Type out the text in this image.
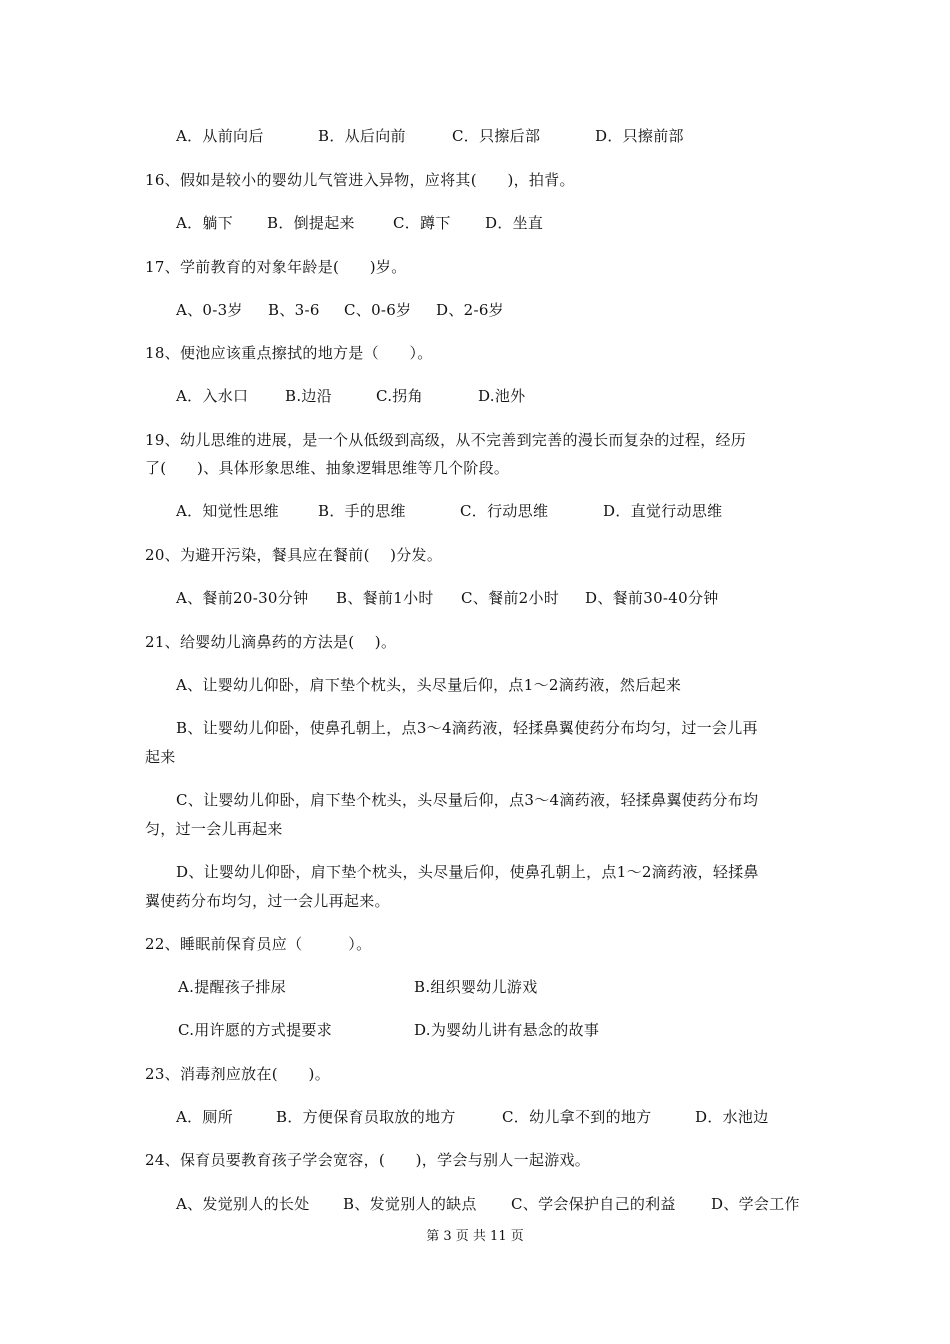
A．从前向后	B．从后向前	C．只擦后部	D．只擦前部
16、假如是较小的婴幼儿气管进入异物，应将其(　　)，拍背。
A．躺下 B．倒提起来	C．蹲下 D．坐直
17、学前教育的对象年龄是(　　)岁。
A、0-3岁 B、3-6 C、0-6岁 D、2-6岁
18、便池应该重点擦拭的地方是（　　）。
A．入水口 B.边沿	C.拐角	D.池外
19、幼儿思维的进展，是一个从低级到高级，从不完善到完善的漫长而复杂的过程，经历
了(　　)、具体形象思维、抽象逻辑思维等几个阶段。
A．知觉性思维	B．手的思维	C．行动思维	D．直觉行动思维
20、为避开污染，餐具应在餐前(　 )分发。
A、餐前20-30分钟 B、餐前1小时 C、餐前2小时 D、餐前30-40分钟
21、给婴幼儿滴鼻药的方法是(　 )。
A、让婴幼儿仰卧，肩下垫个枕头，头尽量后仰，点1～2滴药液，然后起来
B、让婴幼儿仰卧，使鼻孔朝上，点3～4滴药液，轻揉鼻翼使药分布均匀，过一会儿再
起来
C、让婴幼儿仰卧，肩下垫个枕头，头尽量后仰，点3～4滴药液，轻揉鼻翼使药分布均
匀，过一会儿再起来
D、让婴幼儿仰卧，肩下垫个枕头，头尽量后仰，使鼻孔朝上，点1～2滴药液，轻揉鼻
翼使药分布均匀，过一会儿再起来。
22、睡眠前保育员应（　　　）。
A.提醒孩子排尿	B.组织婴幼儿游戏
C.用许愿的方式提要求	D.为婴幼儿讲有悬念的故事
23、消毒剂应放在(　　)。
A．厕所	B．方便保育员取放的地方	C．幼儿拿不到的地方	D．水池边
24、保育员要教育孩子学会宽容，(　　)，学会与别人一起游戏。
A、发觉别人的长处 B、发觉别人的缺点 C、学会保护自己的利益 D、学会工作
第 3 页 共 11 页
